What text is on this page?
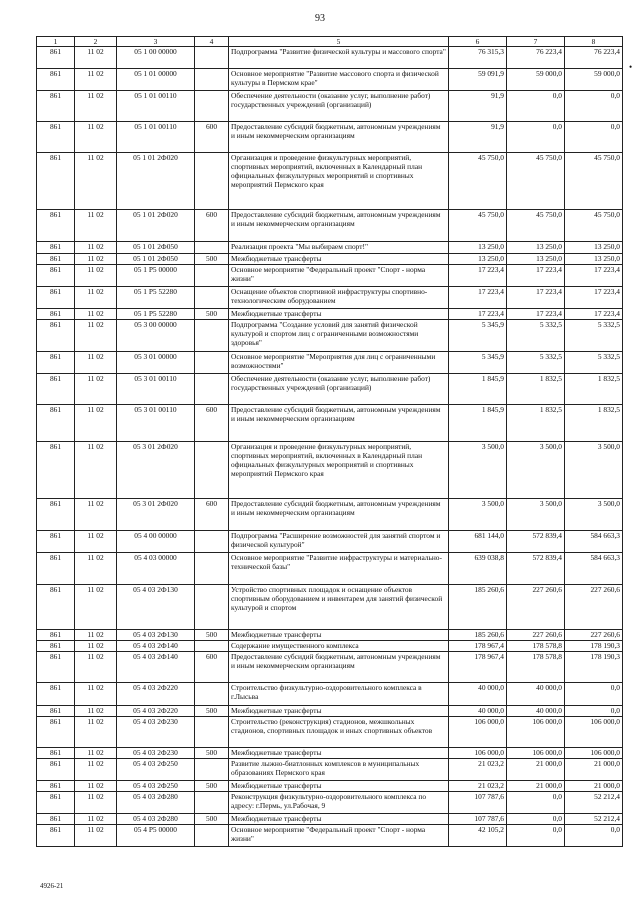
93
•
1	2	3	4	5	6	7	8
861	11 02	05 1 00 00000		Подпрограмма "Развитие физической культуры и массового спорта"	76 315,3	76 223,4	76 223,4
861	11 02	05 1 01 00000		Основное мероприятие "Развитие массового спорта и физической культуры в Пермском крае"	59 091,9	59 000,0	59 000,0
861	11 02	05 1 01 00110		Обеспечение деятельности (оказание услуг, выполнение работ) государственных учреждений (организаций)	91,9	0,0	0,0
861	11 02	05 1 01 00110	600	Предоставление субсидий бюджетным, автономным учреждениям и иным некоммерческим организациям	91,9	0,0	0,0
861	11 02	05 1 01 2Ф020		Организация и проведение физкультурных мероприятий, спортивных мероприятий, включенных в Календарный план официальных физкультурных мероприятий и спортивных мероприятий Пермского края	45 750,0	45 750,0	45 750,0
861	11 02	05 1 01 2Ф020	600	Предоставление субсидий бюджетным, автономным учреждениям и иным некоммерческим организациям	45 750,0	45 750,0	45 750,0
861	11 02	05 1 01 2Ф050		Реализация проекта "Мы выбираем спорт!"	13 250,0	13 250,0	13 250,0
861	11 02	05 1 01 2Ф050	500	Межбюджетные трансферты	13 250,0	13 250,0	13 250,0
861	11 02	05 1 P5 00000		Основное мероприятие "Федеральный проект "Спорт - норма жизни"	17 223,4	17 223,4	17 223,4
861	11 02	05 1 P5 52280		Оснащение объектов спортивной инфраструктуры спортивно-технологическим оборудованием	17 223,4	17 223,4	17 223,4
861	11 02	05 1 P5 52280	500	Межбюджетные трансферты	17 223,4	17 223,4	17 223,4
861	11 02	05 3 00 00000		Подпрограмма "Создание условий для занятий физической культурой и спортом лиц с ограниченными возможностями здоровья"	5 345,9	5 332,5	5 332,5
861	11 02	05 3 01 00000		Основное мероприятие "Мероприятия для лиц с ограниченными возможностями"	5 345,9	5 332,5	5 332,5
861	11 02	05 3 01 00110		Обеспечение деятельности (оказание услуг, выполнение работ) государственных учреждений (организаций)	1 845,9	1 832,5	1 832,5
861	11 02	05 3 01 00110	600	Предоставление субсидий бюджетным, автономным учреждениям и иным некоммерческим организациям	1 845,9	1 832,5	1 832,5
861	11 02	05 3 01 2Ф020		Организация и проведение физкультурных мероприятий, спортивных мероприятий, включенных в Календарный план официальных физкультурных мероприятий и спортивных мероприятий Пермского края	3 500,0	3 500,0	3 500,0
861	11 02	05 3 01 2Ф020	600	Предоставление субсидий бюджетным, автономным учреждениям и иным некоммерческим организациям	3 500,0	3 500,0	3 500,0
861	11 02	05 4 00 00000		Подпрограмма "Расширение возможностей для занятий спортом и физической культурой"	681 144,0	572 839,4	584 663,3
861	11 02	05 4 03 00000		Основное мероприятие "Развитие инфраструктуры и материально-технической базы"	639 038,8	572 839,4	584 663,3
861	11 02	05 4 03 2Ф130		Устройство спортивных площадок и оснащение объектов спортивным оборудованием и инвентарем для занятий физической культурой и спортом	185 260,6	227 260,6	227 260,6
861	11 02	05 4 03 2Ф130	500	Межбюджетные трансферты	185 260,6	227 260,6	227 260,6
861	11 02	05 4 03 2Ф140		Содержание имущественного комплекса	178 967,4	178 578,8	178 190,3
861	11 02	05 4 03 2Ф140	600	Предоставление субсидий бюджетным, автономным учреждениям и иным некоммерческим организациям	178 967,4	178 578,8	178 190,3
861	11 02	05 4 03 2Ф220		Строительство физкультурно-оздоровительного комплекса в г.Лысьва	40 000,0	40 000,0	0,0
861	11 02	05 4 03 2Ф220	500	Межбюджетные трансферты	40 000,0	40 000,0	0,0
861	11 02	05 4 03 2Ф230		Строительство (реконструкция) стадионов, межшкольных стадионов, спортивных площадок и иных спортивных объектов	106 000,0	106 000,0	106 000,0
861	11 02	05 4 03 2Ф230	500	Межбюджетные трансферты	106 000,0	106 000,0	106 000,0
861	11 02	05 4 03 2Ф250		Развитие лыжно-биатлонных комплексов в муниципальных образованиях Пермского края	21 023,2	21 000,0	21 000,0
861	11 02	05 4 03 2Ф250	500	Межбюджетные трансферты	21 023,2	21 000,0	21 000,0
861	11 02	05 4 03 2Ф280		Реконструкция физкультурно-оздоровительного комплекса по адресу: г.Пермь, ул.Рабочая, 9	107 787,6	0,0	52 212,4
861	11 02	05 4 03 2Ф280	500	Межбюджетные трансферты	107 787,6	0,0	52 212,4
861	11 02	05 4 P5 00000		Основное мероприятие "Федеральный проект "Спорт - норма жизни"	42 105,2	0,0	0,0
4926-21
